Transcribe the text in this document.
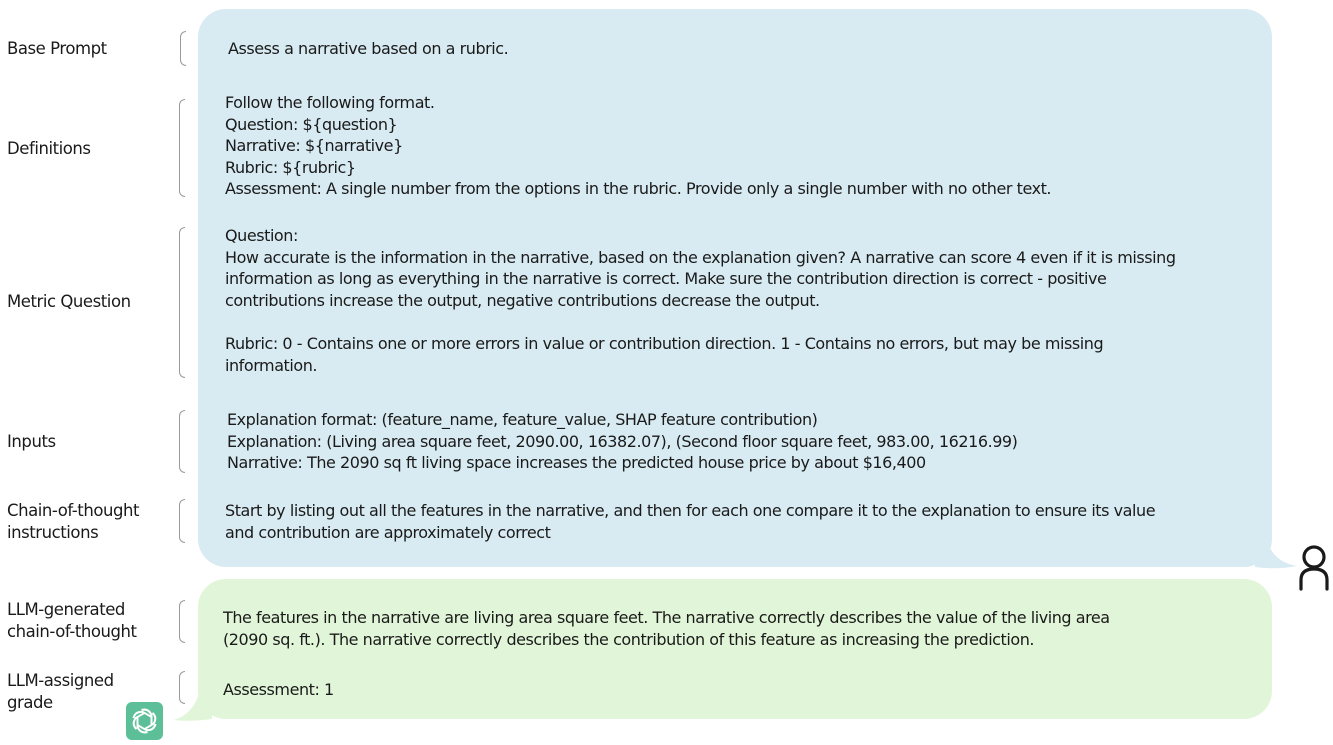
Base Prompt
Definitions
Metric Question
Inputs
Chain-of-thought
instructions
LLM-generated
chain-of-thought
LLM-assigned
grade
Assess a narrative based on a rubric.
Follow the following format.
Question: ${question}
Narrative: ${narrative}
Rubric: ${rubric}
Assessment: A single number from the options in the rubric. Provide only a single number with no other text.
Question:
How accurate is the information in the narrative, based on the explanation given? A narrative can score 4 even if it is missing
information as long as everything in the narrative is correct. Make sure the contribution direction is correct - positive
contributions increase the output, negative contributions decrease the output.
Rubric: 0 - Contains one or more errors in value or contribution direction. 1 - Contains no errors, but may be missing
information.
Explanation format: (feature_name, feature_value, SHAP feature contribution)
Explanation: (Living area square feet, 2090.00, 16382.07), (Second floor square feet, 983.00, 16216.99)
Narrative: The 2090 sq ft living space increases the predicted house price by about $16,400
Start by listing out all the features in the narrative, and then for each one compare it to the explanation to ensure its value
and contribution are approximately correct
The features in the narrative are living area square feet. The narrative correctly describes the value of the living area
(2090 sq. ft.). The narrative correctly describes the contribution of this feature as increasing the prediction.
Assessment: 1
